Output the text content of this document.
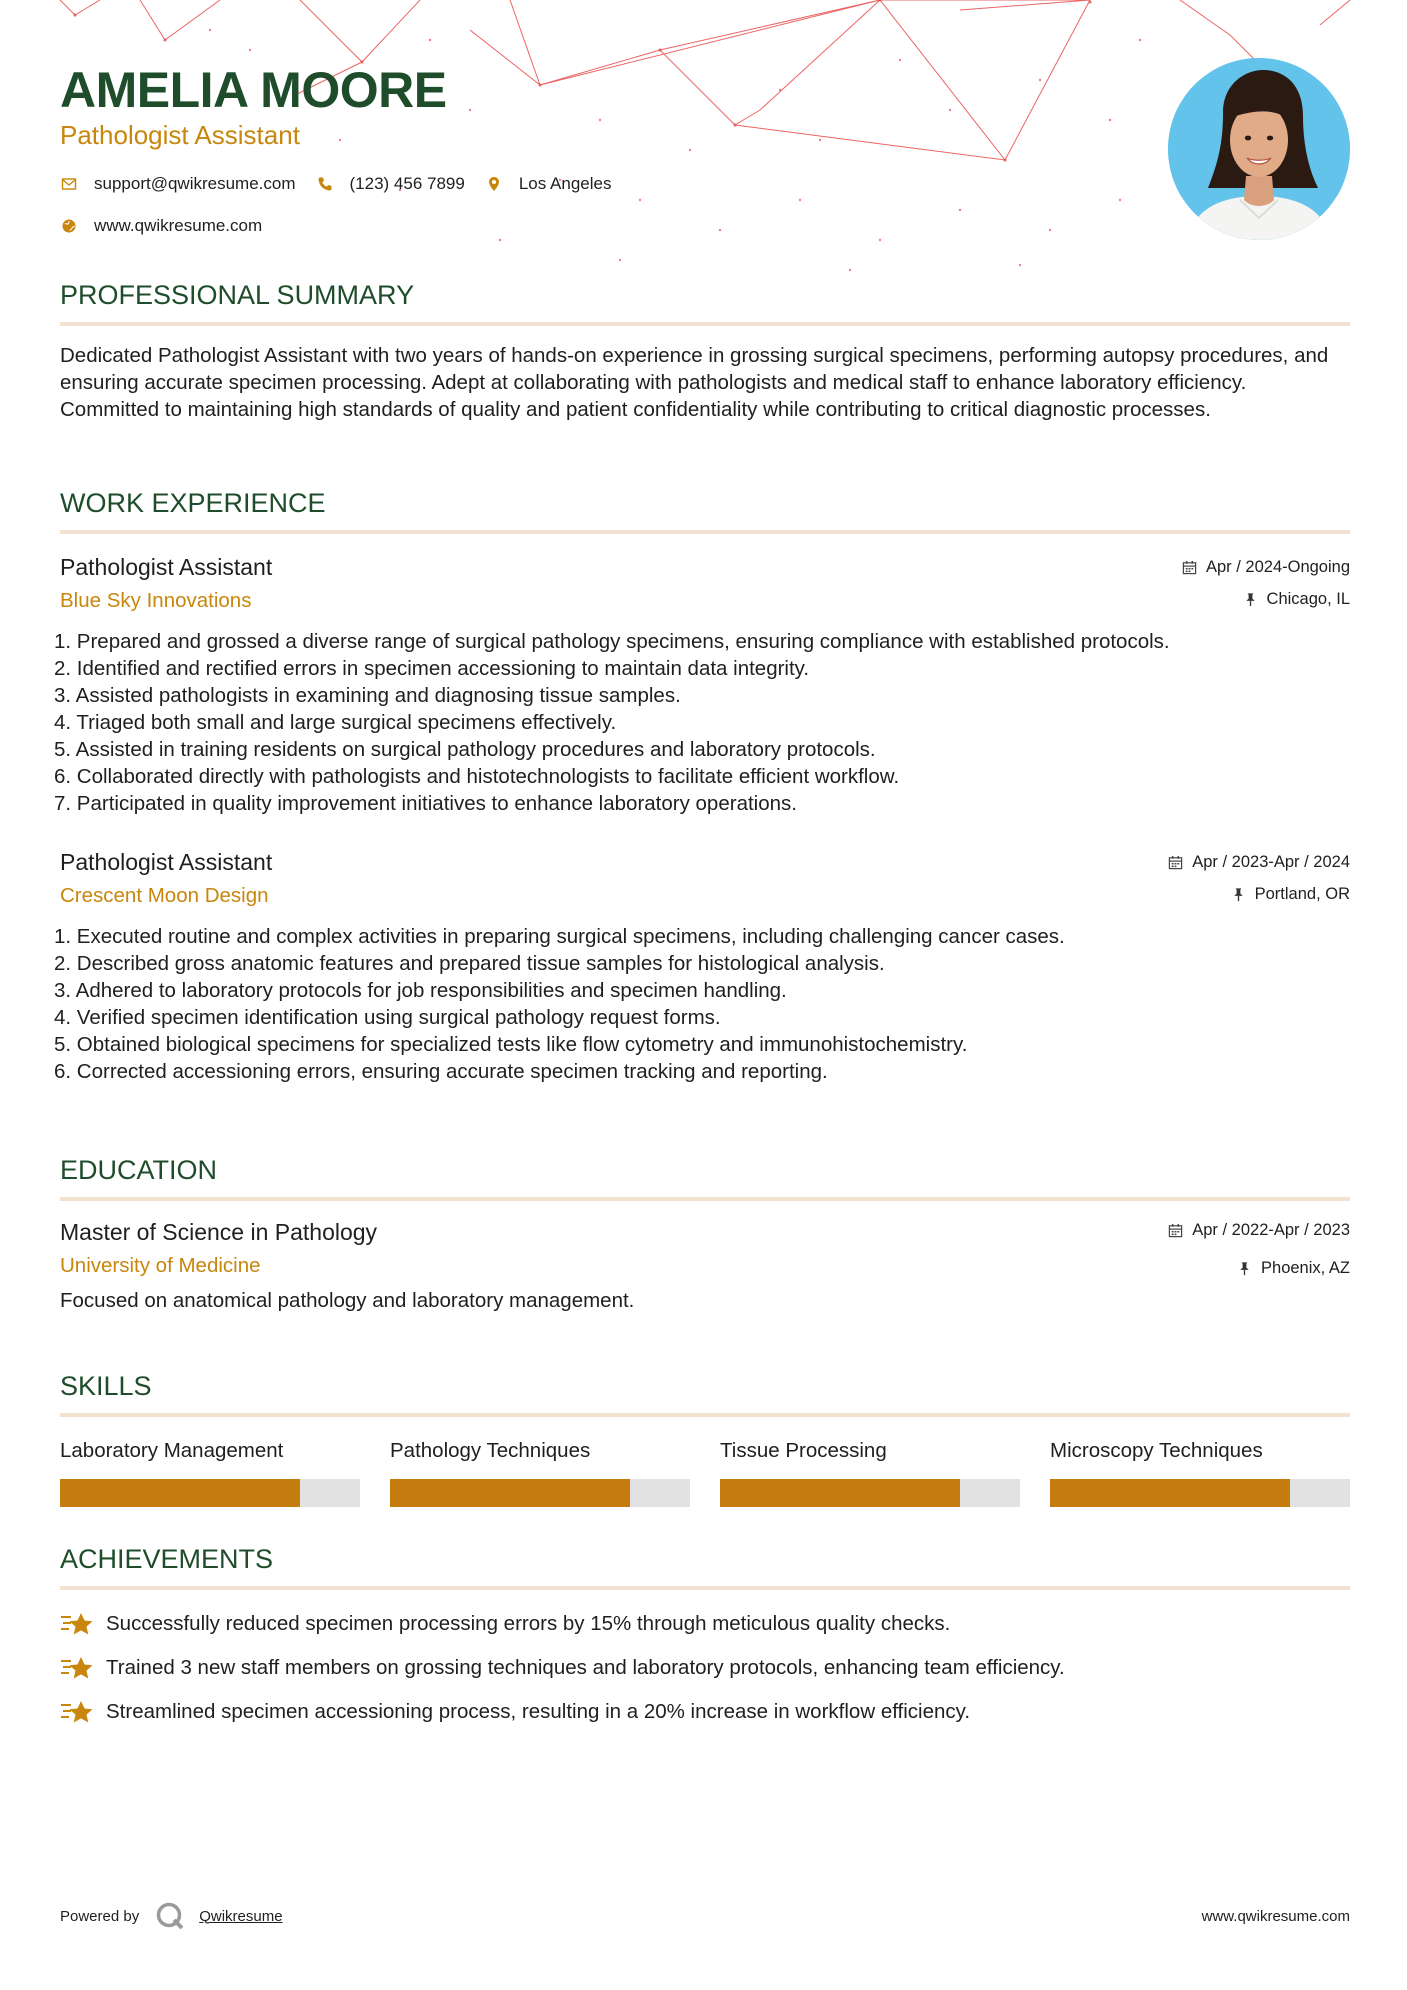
AMELIA MOORE
Pathologist Assistant
support@qwikresume.com	(123) 456 7899	Los Angeles
www.qwikresume.com
PROFESSIONAL SUMMARY
Dedicated Pathologist Assistant with two years of hands-on experience in grossing surgical specimens, performing autopsy procedures, and ensuring accurate specimen processing. Adept at collaborating with pathologists and medical staff to enhance laboratory efficiency. Committed to maintaining high standards of quality and patient confidentiality while contributing to critical diagnostic processes.
WORK EXPERIENCE
Pathologist Assistant
Blue Sky Innovations
Apr / 2024-Ongoing
Chicago, IL
1. Prepared and grossed a diverse range of surgical pathology specimens, ensuring compliance with established protocols.
2. Identified and rectified errors in specimen accessioning to maintain data integrity.
3. Assisted pathologists in examining and diagnosing tissue samples.
4. Triaged both small and large surgical specimens effectively.
5. Assisted in training residents on surgical pathology procedures and laboratory protocols.
6. Collaborated directly with pathologists and histotechnologists to facilitate efficient workflow.
7. Participated in quality improvement initiatives to enhance laboratory operations.
Pathologist Assistant
Crescent Moon Design
Apr / 2023-Apr / 2024
Portland, OR
1. Executed routine and complex activities in preparing surgical specimens, including challenging cancer cases.
2. Described gross anatomic features and prepared tissue samples for histological analysis.
3. Adhered to laboratory protocols for job responsibilities and specimen handling.
4. Verified specimen identification using surgical pathology request forms.
5. Obtained biological specimens for specialized tests like flow cytometry and immunohistochemistry.
6. Corrected accessioning errors, ensuring accurate specimen tracking and reporting.
EDUCATION
Master of Science in Pathology
University of Medicine
Apr / 2022-Apr / 2023
Phoenix, AZ
Focused on anatomical pathology and laboratory management.
SKILLS
Laboratory Management	Pathology Techniques	Tissue Processing	Microscopy Techniques
ACHIEVEMENTS
Successfully reduced specimen processing errors by 15% through meticulous quality checks.
Trained 3 new staff members on grossing techniques and laboratory protocols, enhancing team efficiency.
Streamlined specimen accessioning process, resulting in a 20% increase in workflow efficiency.
Powered by	Qwikresume	www.qwikresume.com
